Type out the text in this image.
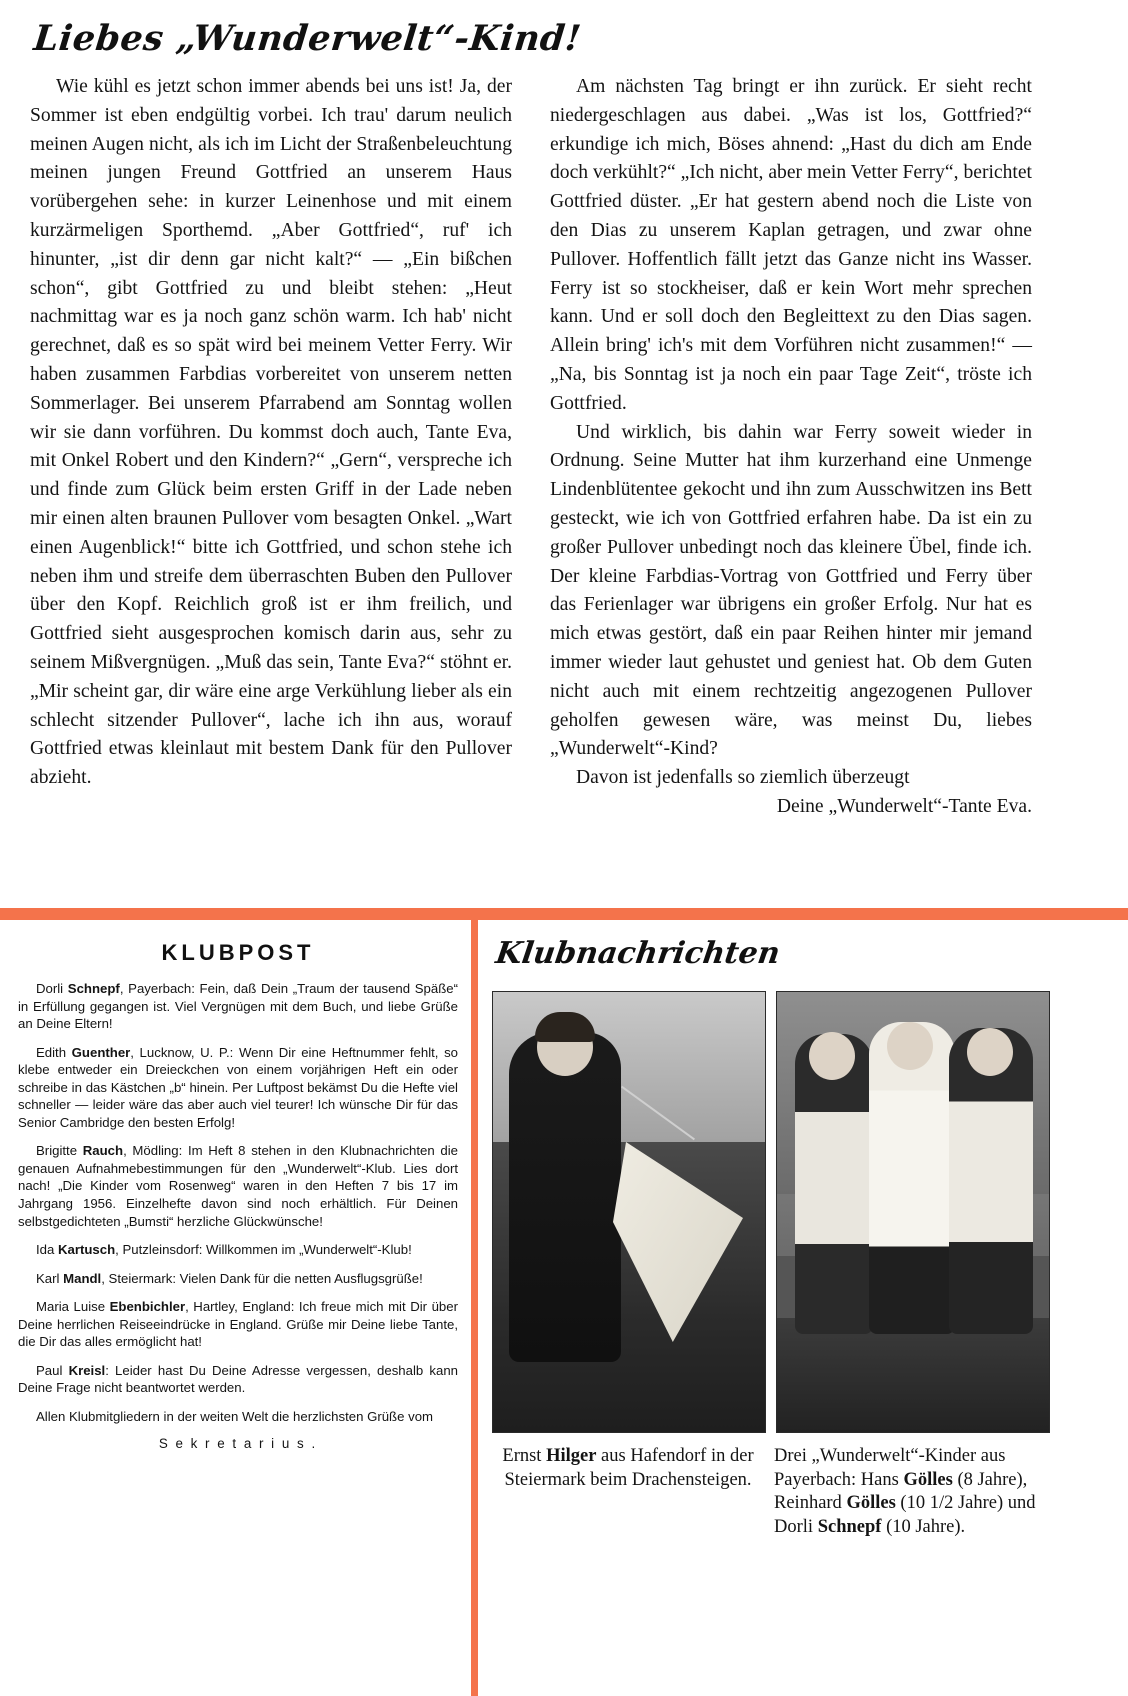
Liebes „Wunderwelt“-Kind!

Wie kühl es jetzt schon immer abends bei uns ist! Ja, der Sommer ist eben endgültig vorbei. Ich trau' darum neulich meinen Augen nicht, als ich im Licht der Straßenbeleuchtung meinen jungen Freund Gottfried an unserem Haus vorübergehen sehe: in kurzer Leinenhose und mit einem kurzärmeligen Sporthemd. „Aber Gottfried“, ruf' ich hinunter, „ist dir denn gar nicht kalt?“ — „Ein bißchen schon“, gibt Gottfried zu und bleibt stehen: „Heut nachmittag war es ja noch ganz schön warm. Ich hab' nicht gerechnet, daß es so spät wird bei meinem Vetter Ferry. Wir haben zusammen Farbdias vorbereitet von unserem netten Sommerlager. Bei unserem Pfarrabend am Sonntag wollen wir sie dann vorführen. Du kommst doch auch, Tante Eva, mit Onkel Robert und den Kindern?“ „Gern“, verspreche ich und finde zum Glück beim ersten Griff in der Lade neben mir einen alten braunen Pullover vom besagten Onkel. „Wart einen Augenblick!“ bitte ich Gottfried, und schon stehe ich neben ihm und streife dem überraschten Buben den Pullover über den Kopf. Reichlich groß ist er ihm freilich, und Gottfried sieht ausgesprochen komisch darin aus, sehr zu seinem Mißvergnügen. „Muß das sein, Tante Eva?“ stöhnt er. „Mir scheint gar, dir wäre eine arge Verkühlung lieber als ein schlecht sitzender Pullover“, lache ich ihn aus, worauf Gottfried etwas kleinlaut mit bestem Dank für den Pullover abzieht.

Am nächsten Tag bringt er ihn zurück. Er sieht recht niedergeschlagen aus dabei. „Was ist los, Gottfried?“ erkundige ich mich, Böses ahnend: „Hast du dich am Ende doch verkühlt?“ „Ich nicht, aber mein Vetter Ferry“, berichtet Gottfried düster. „Er hat gestern abend noch die Liste von den Dias zu unserem Kaplan getragen, und zwar ohne Pullover. Hoffentlich fällt jetzt das Ganze nicht ins Wasser. Ferry ist so stockheiser, daß er kein Wort mehr sprechen kann. Und er soll doch den Begleittext zu den Dias sagen. Allein bring' ich's mit dem Vorführen nicht zusammen!“ — „Na, bis Sonntag ist ja noch ein paar Tage Zeit“, tröste ich Gottfried.

Und wirklich, bis dahin war Ferry soweit wieder in Ordnung. Seine Mutter hat ihm kurzerhand eine Unmenge Lindenblütentee gekocht und ihn zum Ausschwitzen ins Bett gesteckt, wie ich von Gottfried erfahren habe. Da ist ein zu großer Pullover unbedingt noch das kleinere Übel, finde ich. Der kleine Farbdias-Vortrag von Gottfried und Ferry über das Ferienlager war übrigens ein großer Erfolg. Nur hat es mich etwas gestört, daß ein paar Reihen hinter mir jemand immer wieder laut gehustet und geniest hat. Ob dem Guten nicht auch mit einem rechtzeitig angezogenen Pullover geholfen gewesen wäre, was meinst Du, liebes „Wunderwelt“-Kind?

Davon ist jedenfalls so ziemlich überzeugt

Deine „Wunderwelt“-Tante Eva.

KLUBPOST

Dorli Schnepf, Payerbach: Fein, daß Dein „Traum der tausend Späße“ in Erfüllung gegangen ist. Viel Vergnügen mit dem Buch, und liebe Grüße an Deine Eltern!

Edith Guenther, Lucknow, U. P.: Wenn Dir eine Heftnummer fehlt, so klebe entweder ein Dreieckchen von einem vorjährigen Heft ein oder schreibe in das Kästchen „b“ hinein. Per Luftpost bekämst Du die Hefte viel schneller — leider wäre das aber auch viel teurer! Ich wünsche Dir für das Senior Cambridge den besten Erfolg!

Brigitte Rauch, Mödling: Im Heft 8 stehen in den Klubnachrichten die genauen Aufnahmebestimmungen für den „Wunderwelt“-Klub. Lies dort nach! „Die Kinder vom Rosenweg“ waren in den Heften 7 bis 17 im Jahrgang 1956. Einzelhefte davon sind noch erhältlich. Für Deinen selbstgedichteten „Bumsti“ herzliche Glückwünsche!

Ida Kartusch, Putzleinsdorf: Willkommen im „Wunderwelt“-Klub!

Karl Mandl, Steiermark: Vielen Dank für die netten Ausflugsgrüße!

Maria Luise Ebenbichler, Hartley, England: Ich freue mich mit Dir über Deine herrlichen Reiseeindrücke in England. Grüße mir Deine liebe Tante, die Dir das alles ermöglicht hat!

Paul Kreisl: Leider hast Du Deine Adresse vergessen, deshalb kann Deine Frage nicht beantwortet werden.

Allen Klubmitgliedern in der weiten Welt die herzlichsten Grüße vom

S e k r e t a r i u s .
Klubnachrichten
Ernst Hilger aus Hafendorf in der Steiermark beim Drachensteigen.
Drei „Wunderwelt“-Kinder aus Payerbach: Hans Gölles (8 Jahre), Reinhard Gölles (10 1/2 Jahre) und Dorli Schnepf (10 Jahre).
